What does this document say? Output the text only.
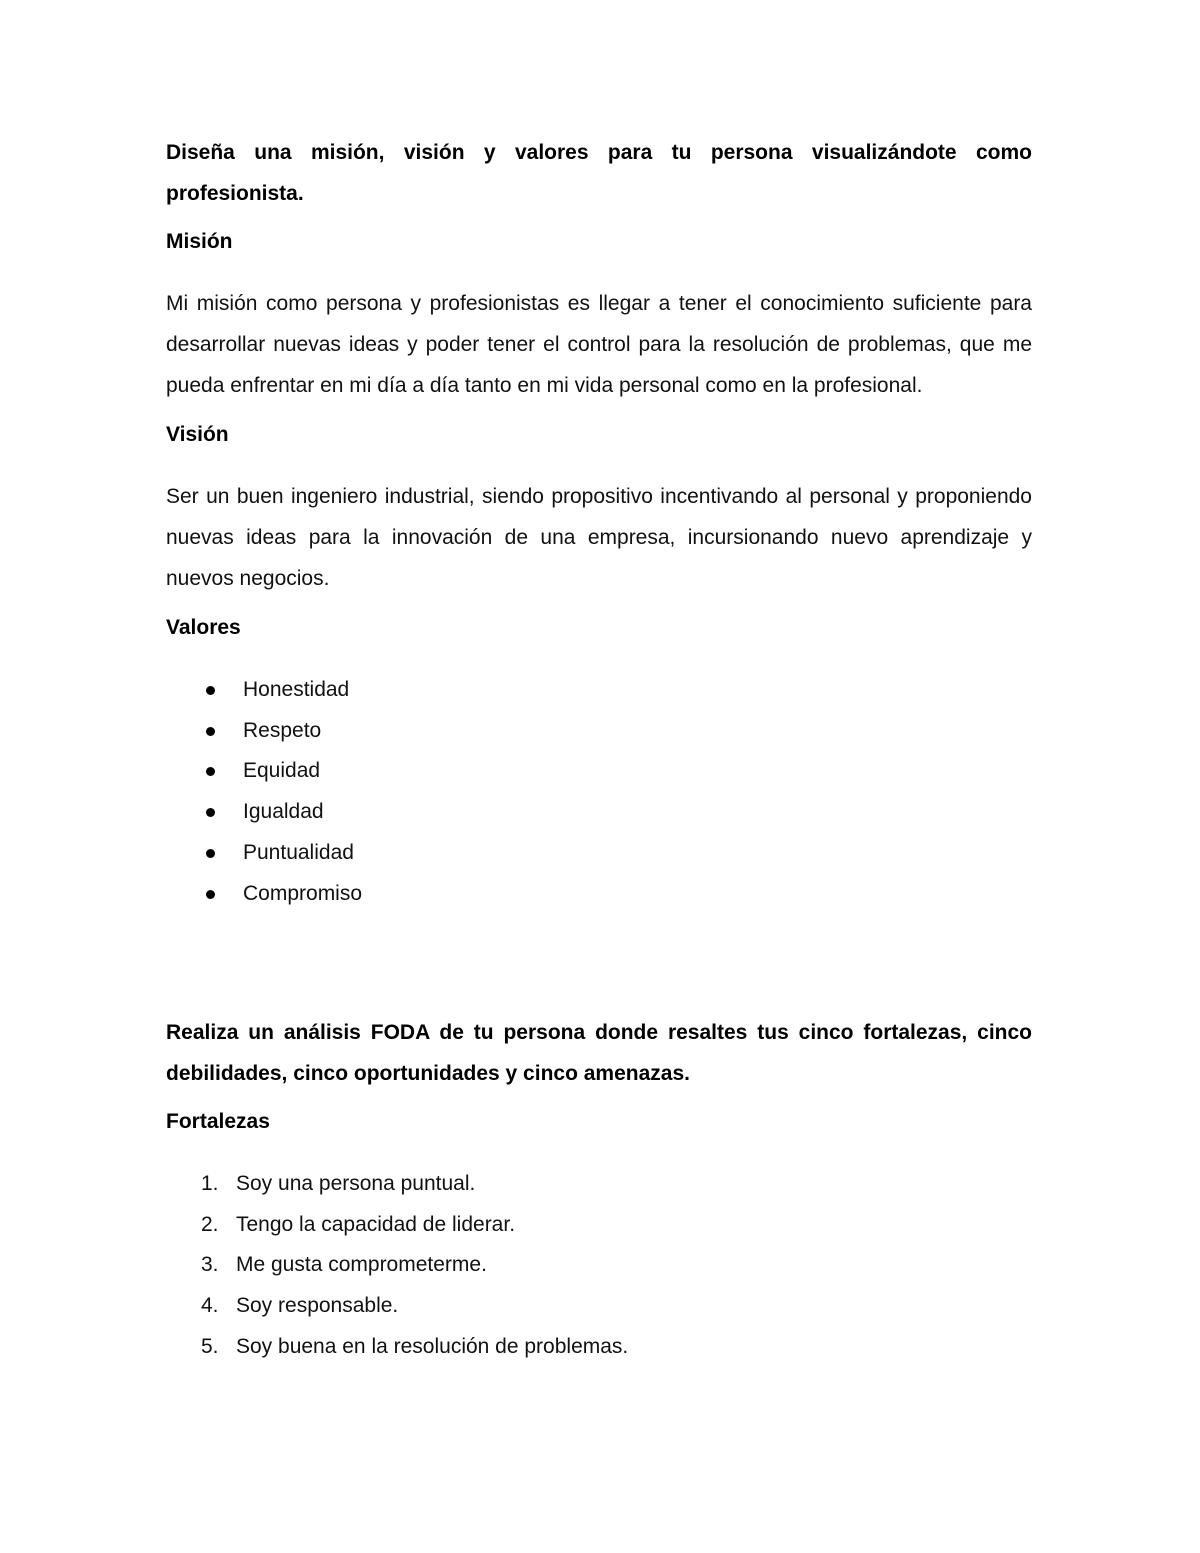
Diseña una misión, visión y valores para tu persona visualizándote como profesionista.

Misión

Mi misión como persona y profesionistas es llegar a tener el conocimiento suficiente para desarrollar nuevas ideas y poder tener el control para la resolución de problemas, que me pueda enfrentar en mi día a día tanto en mi vida personal como en la profesional.

Visión

Ser un buen ingeniero industrial, siendo propositivo incentivando al personal y proponiendo nuevas ideas para la innovación de una empresa, incursionando nuevo aprendizaje y nuevos negocios.

Valores

Honestidad
Respeto
Equidad
Igualdad
Puntualidad
Compromiso

Realiza un análisis FODA de tu persona donde resaltes tus cinco fortalezas, cinco debilidades, cinco oportunidades y cinco amenazas.

Fortalezas

1. Soy una persona puntual.
2. Tengo la capacidad de liderar.
3. Me gusta comprometerme.
4. Soy responsable.
5. Soy buena en la resolución de problemas.
